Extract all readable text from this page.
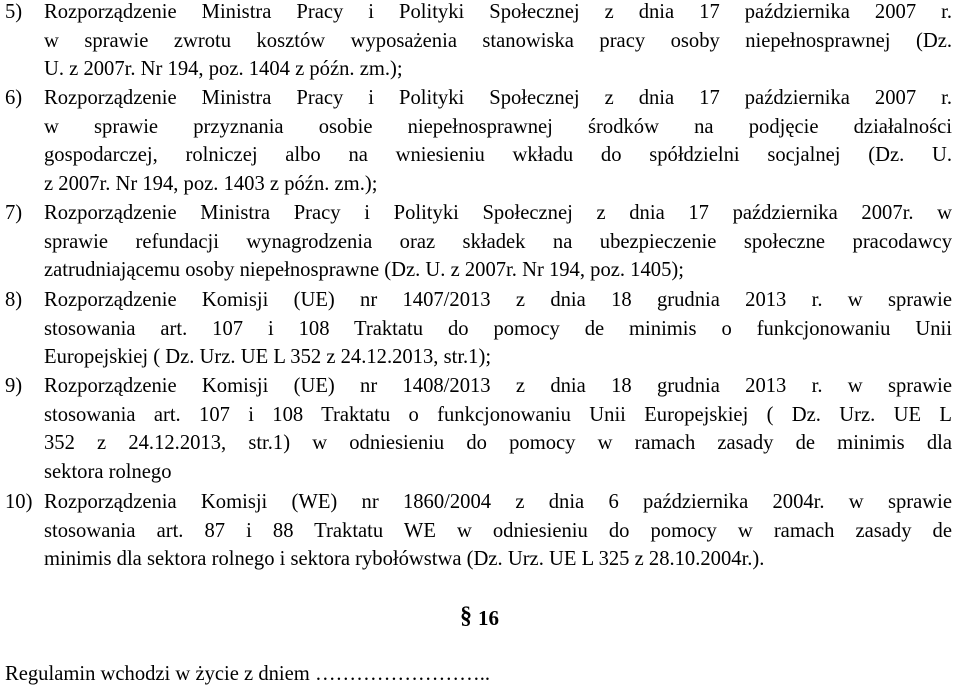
5) Rozporządzenie Ministra Pracy i Polityki Społecznej z dnia 17 października 2007 r.
w sprawie zwrotu kosztów wyposażenia stanowiska pracy osoby niepełnosprawnej (Dz.
U. z 2007r. Nr 194, poz. 1404 z późn. zm.);
6) Rozporządzenie Ministra Pracy i Polityki Społecznej z dnia 17 października 2007 r.
w sprawie przyznania osobie niepełnosprawnej środków na podjęcie działalności
gospodarczej, rolniczej albo na wniesieniu wkładu do spółdzielni socjalnej (Dz. U.
z 2007r. Nr 194, poz. 1403 z późn. zm.);
7) Rozporządzenie Ministra Pracy i Polityki Społecznej z dnia 17 października 2007r. w
sprawie refundacji wynagrodzenia oraz składek na ubezpieczenie społeczne pracodawcy
zatrudniającemu osoby niepełnosprawne (Dz. U. z 2007r. Nr 194, poz. 1405);
8) Rozporządzenie Komisji (UE) nr 1407/2013 z dnia 18 grudnia 2013 r. w sprawie
stosowania art. 107 i 108 Traktatu do pomocy de minimis o funkcjonowaniu Unii
Europejskiej ( Dz. Urz. UE L 352 z 24.12.2013, str.1);
9) Rozporządzenie Komisji (UE) nr 1408/2013 z dnia 18 grudnia 2013 r. w sprawie
stosowania art. 107 i 108 Traktatu o funkcjonowaniu Unii Europejskiej ( Dz. Urz. UE L
352 z 24.12.2013, str.1) w odniesieniu do pomocy w ramach zasady de minimis dla
sektora rolnego
10) Rozporządzenia Komisji (WE) nr 1860/2004 z dnia 6 października 2004r. w sprawie
stosowania art. 87 i 88 Traktatu WE w odniesieniu do pomocy w ramach zasady de
minimis dla sektora rolnego i sektora rybołówstwa (Dz. Urz. UE L 325 z 28.10.2004r.).
§ 16
Regulamin wchodzi w życie z dniem ……………………..
